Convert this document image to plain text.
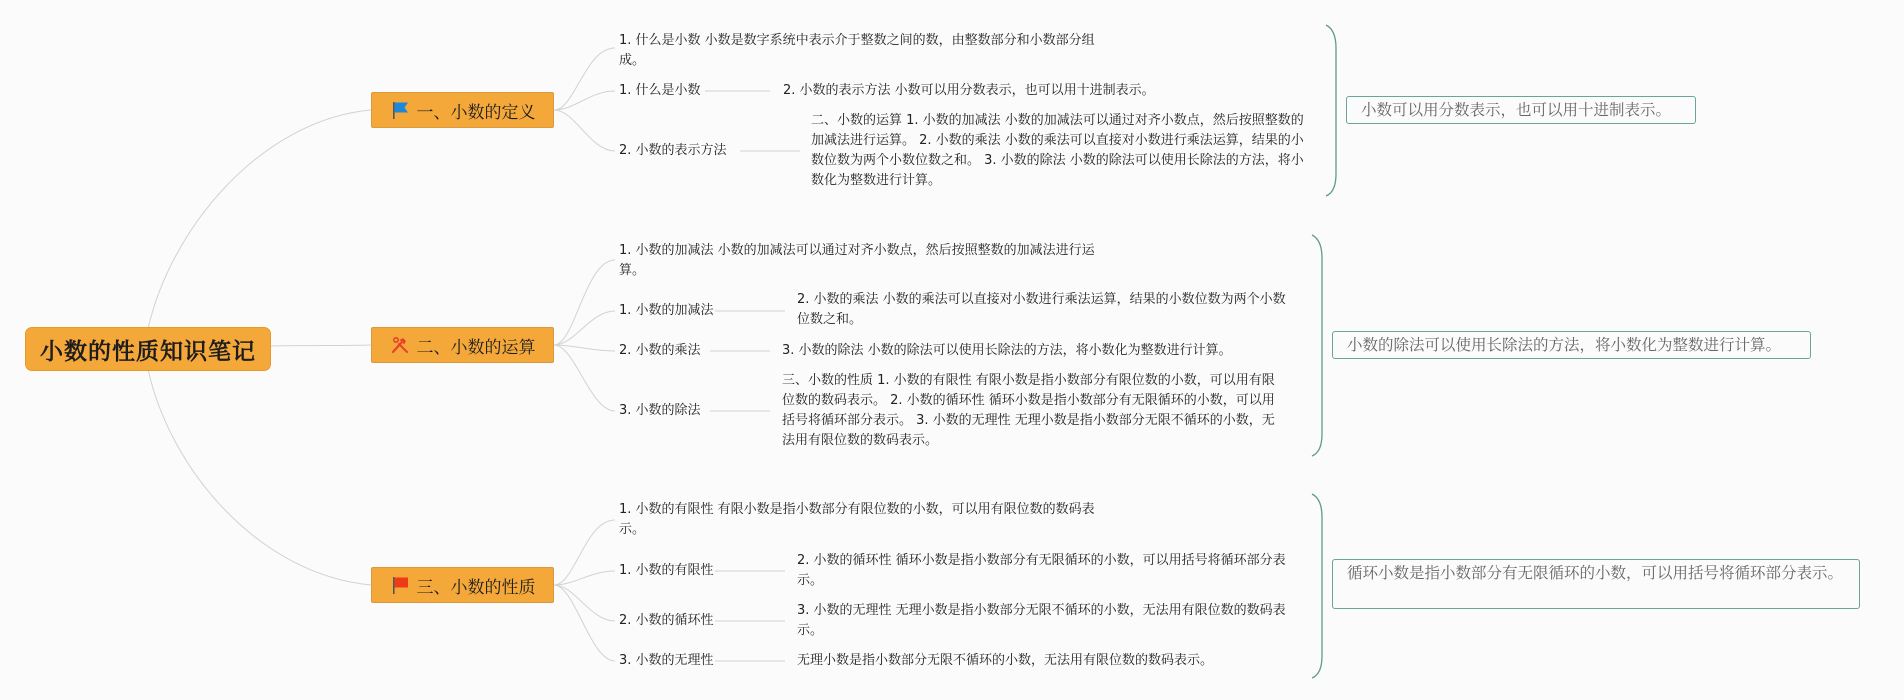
小数的性质知识笔记
一、小数的定义
1. 什么是小数 小数是数字系统中表示介于整数之间的数，由整数部分和小数部分组成。
1. 什么是小数
2. 小数的表示方法
2. 小数的表示方法 小数可以用分数表示，也可以用十进制表示。
二、小数的运算 1. 小数的加减法 小数的加减法可以通过对齐小数点，然后按照整数的加减法进行运算。 2. 小数的乘法 小数的乘法可以直接对小数进行乘法运算，结果的小数位数为两个小数位数之和。 3. 小数的除法 小数的除法可以使用长除法的方法，将小数化为整数进行计算。
小数可以用分数表示，也可以用十进制表示。
二、小数的运算
1. 小数的加减法 小数的加减法可以通过对齐小数点，然后按照整数的加减法进行运算。
1. 小数的加减法
2. 小数的乘法
3. 小数的除法
2. 小数的乘法 小数的乘法可以直接对小数进行乘法运算，结果的小数位数为两个小数位数之和。
3. 小数的除法 小数的除法可以使用长除法的方法，将小数化为整数进行计算。
三、小数的性质 1. 小数的有限性 有限小数是指小数部分有限位数的小数，可以用有限位数的数码表示。 2. 小数的循环性 循环小数是指小数部分有无限循环的小数，可以用括号将循环部分表示。 3. 小数的无理性 无理小数是指小数部分无限不循环的小数，无法用有限位数的数码表示。
小数的除法可以使用长除法的方法，将小数化为整数进行计算。
三、小数的性质
1. 小数的有限性 有限小数是指小数部分有限位数的小数，可以用有限位数的数码表示。
1. 小数的有限性
2. 小数的循环性
3. 小数的无理性
2. 小数的循环性 循环小数是指小数部分有无限循环的小数，可以用括号将循环部分表示。
3. 小数的无理性 无理小数是指小数部分无限不循环的小数，无法用有限位数的数码表示。
无理小数是指小数部分无限不循环的小数，无法用有限位数的数码表示。
循环小数是指小数部分有无限循环的小数，可以用括号将循环部分表示。
